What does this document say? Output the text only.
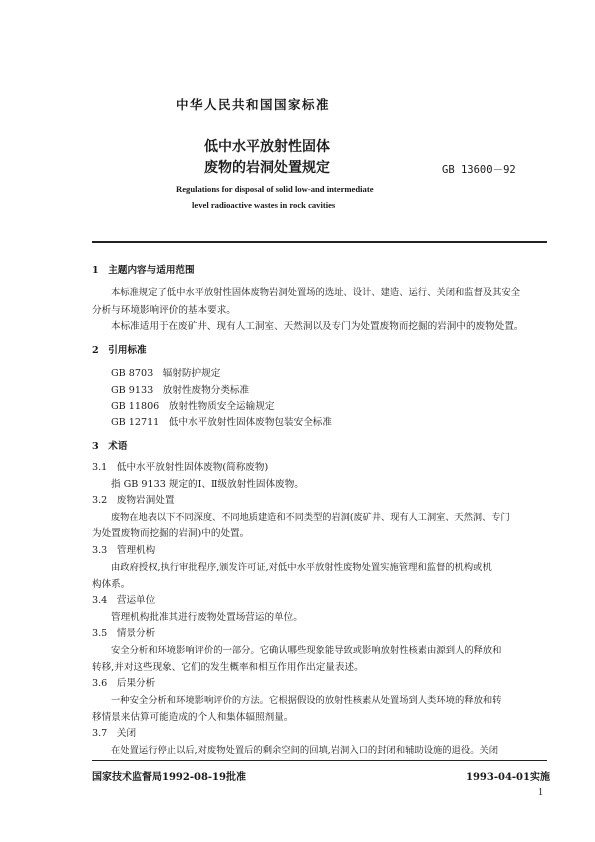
中华人民共和国国家标准
低中水平放射性固体
废物的岩洞处置规定	GB 13600－92
Regulations for disposal of solid low-and intermediate
level radioactive wastes in rock cavities
1　主题内容与适用范围
本标准规定了低中水平放射性固体废物岩洞处置场的选址、设计、建造、运行、关闭和监督及其安全
分析与环境影响评价的基本要求。
本标准适用于在废矿井、现有人工洞室、天然洞以及专门为处置废物而挖掘的岩洞中的废物处置。
2　引用标准
GB 8703　辐射防护规定
GB 9133　放射性废物分类标准
GB 11806　放射性物质安全运输规定
GB 12711　低中水平放射性固体废物包装安全标准
3　术语
3.1　低中水平放射性固体废物(简称废物)
指 GB 9133 规定的Ⅰ、Ⅱ级放射性固体废物。
3.2　废物岩洞处置
废物在地表以下不同深度、不同地质建造和不同类型的岩洞(废矿井、现有人工洞室、天然洞、专门
为处置废物而挖掘的岩洞)中的处置。
3.3　管理机构
由政府授权,执行审批程序,颁发许可证,对低中水平放射性废物处置实施管理和监督的机构或机
构体系。
3.4　营运单位
管理机构批准其进行废物处置场营运的单位。
3.5　情景分析
安全分析和环境影响评价的一部分。它确认哪些现象能导致或影响放射性核素由源到人的释放和
转移,并对这些现象、它们的发生概率和相互作用作出定量表述。
3.6　后果分析
一种安全分析和环境影响评价的方法。它根据假设的放射性核素从处置场到人类环境的释放和转
移情景来估算可能造成的个人和集体辐照剂量。
3.7　关闭
在处置运行停止以后,对废物处置后的剩余空间的回填,岩洞入口的封闭和辅助设施的退役。关闭
国家技术监督局1992-08-19批准	1993-04-01实施
1
